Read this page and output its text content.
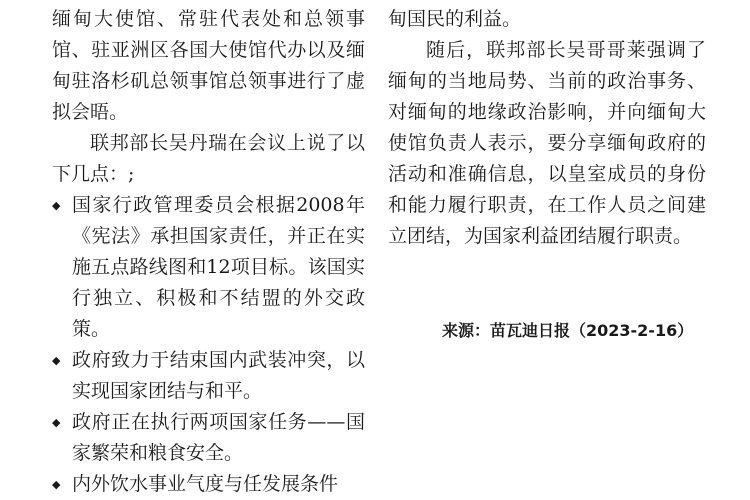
缅甸大使馆、常驻代表处和总领事馆、驻亚洲区各国大使馆代办以及缅甸驻洛杉矶总领事馆总领事进行了虚拟会晤。

联邦部长吴丹瑞在会议上说了以下几点：;

◆ 国家行政管理委员会根据2008年《宪法》承担国家责任，并正在实施五点路线图和12项目标。该国实行独立、积极和不结盟的外交政策。
◆ 政府致力于结束国内武装冲突，以实现国家团结与和平。
◆ 政府正在执行两项国家任务——国家繁荣和粮食安全。
◆ 内外饮水事业气度与任发展条件

甸国民的利益。

随后，联邦部长吴哥哥莱强调了缅甸的当地局势、当前的政治事务、对缅甸的地缘政治影响，并向缅甸大使馆负责人表示，要分享缅甸政府的活动和准确信息，以皇室成员的身份和能力履行职责，在工作人员之间建立团结，为国家利益团结履行职责。

来源：苗瓦迪日报（2023-2-16）
